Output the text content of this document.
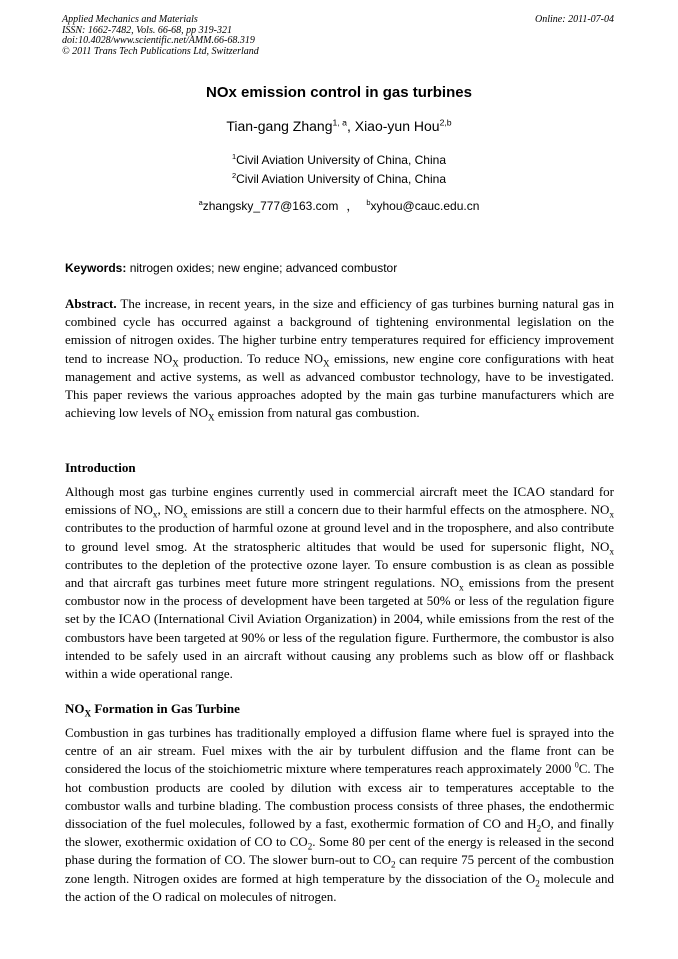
Applied Mechanics and Materials
ISSN: 1662-7482, Vols. 66-68, pp 319-321
doi:10.4028/www.scientific.net/AMM.66-68.319
© 2011 Trans Tech Publications Ltd, Switzerland
Online: 2011-07-04
NOx emission control in gas turbines
Tian-gang Zhang$^{1, a}$, Xiao-yun Hou$^{2,b}$
$^1$Civil Aviation University of China, China
$^2$Civil Aviation University of China, China
$^a$zhangsky_777@163.com ， $^b$xyhou@cauc.edu.cn
Keywords: nitrogen oxides; new engine; advanced combustor

Abstract. The increase, in recent years, in the size and efficiency of gas turbines burning natural gas in combined cycle has occurred against a background of tightening environmental legislation on the emission of nitrogen oxides. The higher turbine entry temperatures required for efficiency improvement tend to increase $NO_X$ production. To reduce $NO_X$ emissions, new engine core configurations with heat management and active systems, as well as advanced combustor technology, have to be investigated. This paper reviews the various approaches adopted by the main gas turbine manufacturers which are achieving low levels of $NO_X$ emission from natural gas combustion.

Introduction

Although most gas turbine engines currently used in commercial aircraft meet the ICAO standard for emissions of $NO_x$, $NO_x$ emissions are still a concern due to their harmful effects on the atmosphere. $NO_x$ contributes to the production of harmful ozone at ground level and in the troposphere, and also contribute to ground level smog. At the stratospheric altitudes that would be used for supersonic flight, $NO_x$ contributes to the depletion of the protective ozone layer. To ensure combustion is as clean as possible and that aircraft gas turbines meet future more stringent regulations. $NO_x$ emissions from the present combustor now in the process of development have been targeted at 50% or less of the regulation figure set by the ICAO (International Civil Aviation Organization) in 2004, while emissions from the rest of the combustors have been targeted at 90% or less of the regulation figure. Furthermore, the combustor is also intended to be safely used in an aircraft without causing any problems such as blow off or flashback within a wide operational range.

$NO_X$ Formation in Gas Turbine

Combustion in gas turbines has traditionally employed a diffusion flame where fuel is sprayed into the centre of an air stream. Fuel mixes with the air by turbulent diffusion and the flame front can be considered the locus of the stoichiometric mixture where temperatures reach approximately 2000 $^0$C. The hot combustion products are cooled by dilution with excess air to temperatures acceptable to the combustor walls and turbine blading. The combustion process consists of three phases, the endothermic dissociation of the fuel molecules, followed by a fast, exothermic formation of CO and $H_2O$, and finally the slower, exothermic oxidation of CO to $CO_2$. Some 80 per cent of the energy is released in the second phase during the formation of CO. The slower burn-out to $CO_2$ can require 75 percent of the combustion zone length. Nitrogen oxides are formed at high temperature by the dissociation of the $O_2$ molecule and the action of the O radical on molecules of nitrogen.
